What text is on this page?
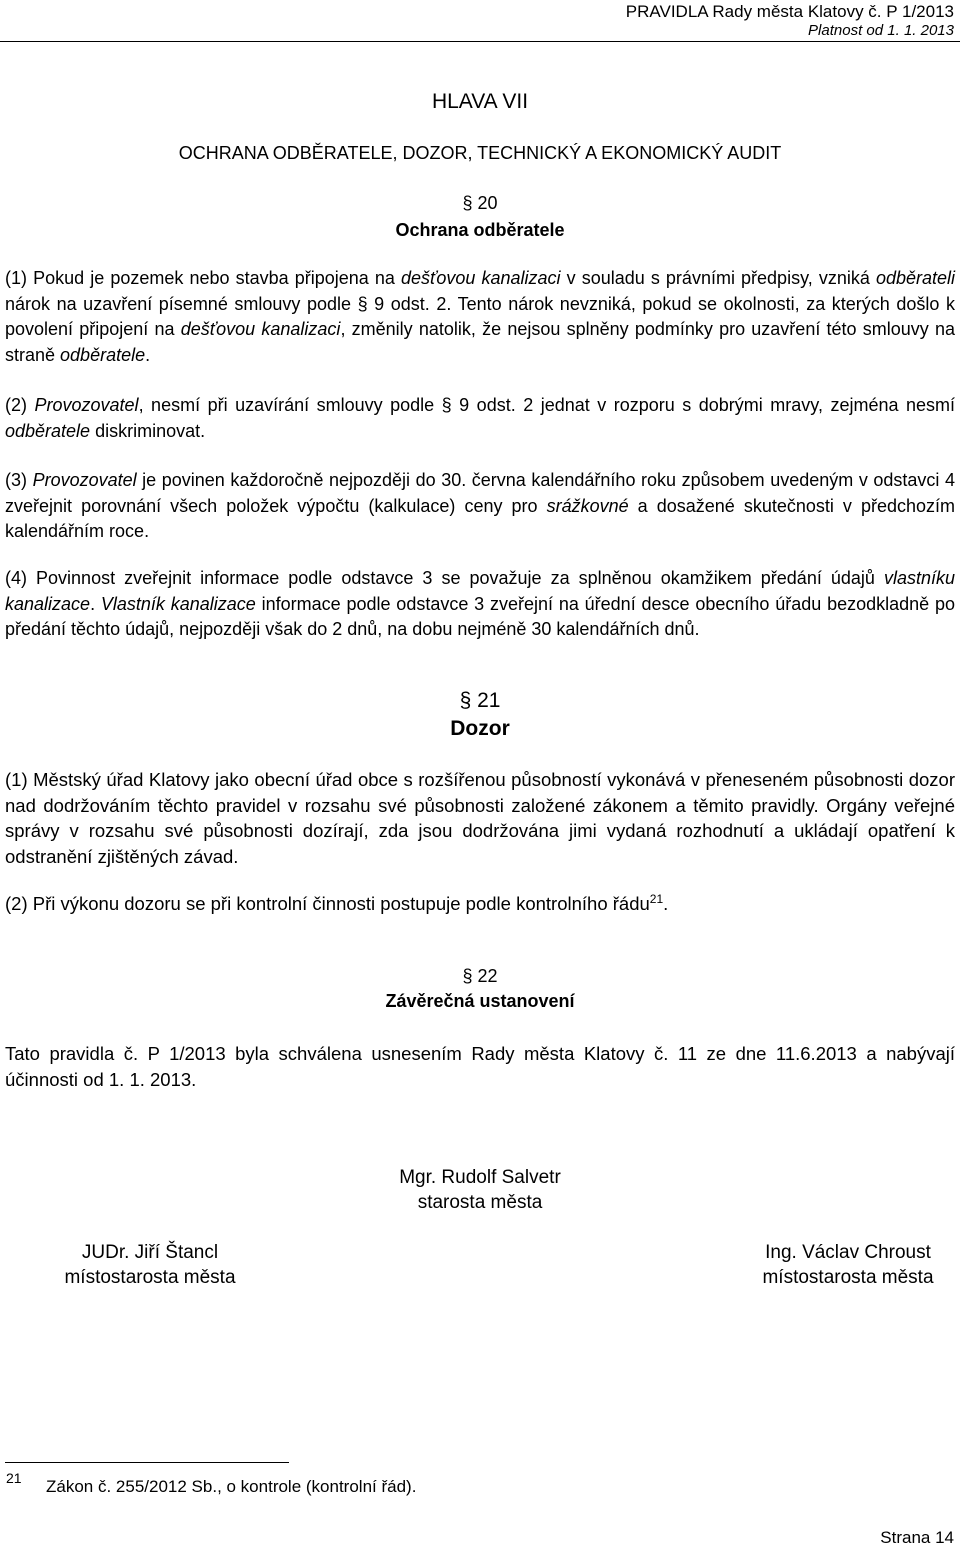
PRAVIDLA Rady města Klatovy č. P 1/2013
Platnost od 1. 1. 2013
HLAVA VII
OCHRANA ODBĚRATELE, DOZOR, TECHNICKÝ A EKONOMICKÝ AUDIT
§ 20
Ochrana odběratele
(1) Pokud je pozemek nebo stavba připojena na dešťovou kanalizaci v souladu s právními předpisy, vzniká odběrateli nárok na uzavření písemné smlouvy podle § 9 odst. 2. Tento nárok nevzniká, pokud se okolnosti, za kterých došlo k povolení připojení na dešťovou kanalizaci, změnily natolik, že nejsou splněny podmínky pro uzavření této smlouvy na straně odběratele.
(2) Provozovatel, nesmí při uzavírání smlouvy podle § 9 odst. 2 jednat v rozporu s dobrými mravy, zejména nesmí odběratele diskriminovat.
(3) Provozovatel je povinen každoročně nejpozději do 30. června kalendářního roku způsobem uvedeným v odstavci 4 zveřejnit porovnání všech položek výpočtu (kalkulace) ceny pro srážkovné a dosažené skutečnosti v předchozím kalendářním roce.
(4) Povinnost zveřejnit informace podle odstavce 3 se považuje za splněnou okamžikem předání údajů vlastníku kanalizace. Vlastník kanalizace informace podle odstavce 3 zveřejní na úřední desce obecního úřadu bezodkladně po předání těchto údajů, nejpozději však do 2 dnů, na dobu nejméně 30 kalendářních dnů.
§ 21
Dozor
(1) Městský úřad Klatovy jako obecní úřad obce s rozšířenou působností vykonává v přeneseném působnosti dozor nad dodržováním těchto pravidel v rozsahu své působnosti založené zákonem a těmito pravidly. Orgány veřejné správy v rozsahu své působnosti dozírají, zda jsou dodržována jimi vydaná rozhodnutí a ukládají opatření k odstranění zjištěných závad.
(2) Při výkonu dozoru se při kontrolní činnosti postupuje podle kontrolního řádu$^{21}$.
§ 22
Závěrečná ustanovení
Tato pravidla č. P 1/2013 byla schválena usnesením Rady města Klatovy č. 11 ze dne 11.6.2013 a nabývají účinnosti od 1. 1. 2013.
Mgr. Rudolf Salvetr
starosta města
JUDr. Jiří Štancl
místostarosta města
Ing. Václav Chroust
místostarosta města
21 Zákon č. 255/2012 Sb., o kontrole (kontrolní řád).
Strana 14
